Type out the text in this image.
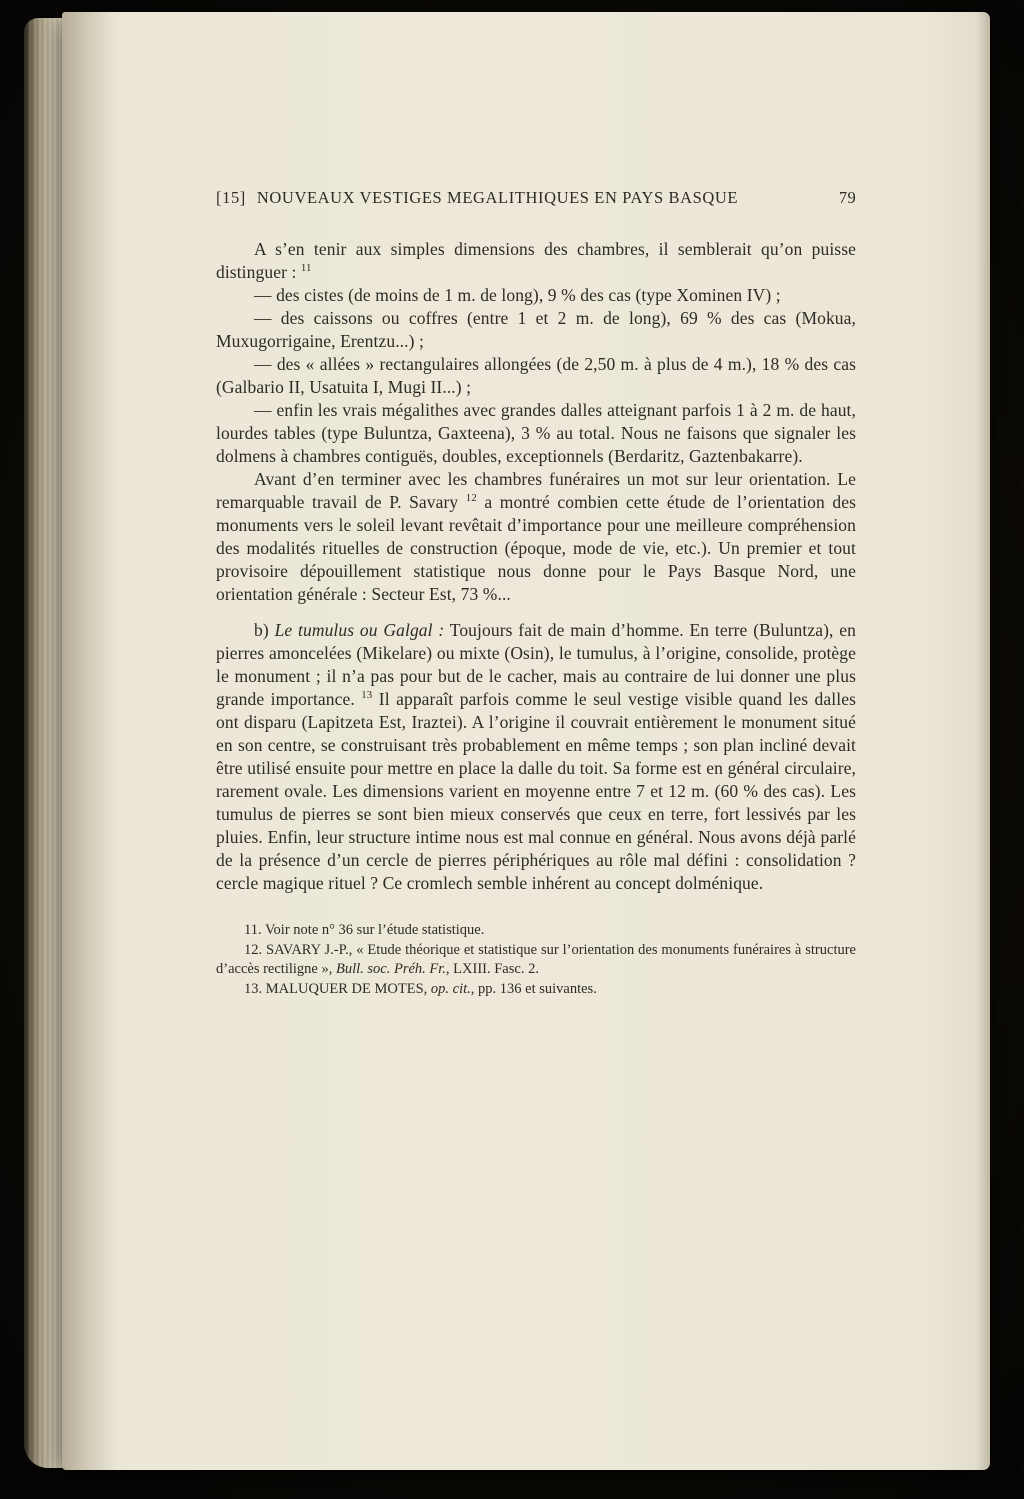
[15] NOUVEAUX VESTIGES MEGALITHIQUES EN PAYS BASQUE	79

A s’en tenir aux simples dimensions des chambres, il semblerait qu’on puisse distinguer : $^{11}$

— des cistes (de moins de 1 m. de long), 9 % des cas (type Xominen IV) ;

— des caissons ou coffres (entre 1 et 2 m. de long), 69 % des cas (Mokua, Muxugorrigaine, Erentzu...) ;

— des « allées » rectangulaires allongées (de 2,50 m. à plus de 4 m.), 18 % des cas (Galbario II, Usatuita I, Mugi II...) ;

— enfin les vrais mégalithes avec grandes dalles atteignant parfois 1 à 2 m. de haut, lourdes tables (type Buluntza, Gaxteena), 3 % au total. Nous ne faisons que signaler les dolmens à chambres contiguës, doubles, exceptionnels (Berdaritz, Gaztenbakarre).

Avant d’en terminer avec les chambres funéraires un mot sur leur orientation. Le remarquable travail de P. Savary $^{12}$ a montré combien cette étude de l’orientation des monuments vers le soleil levant revêtait d’importance pour une meilleure compréhension des modalités rituelles de construction (époque, mode de vie, etc.). Un premier et tout provisoire dépouillement statistique nous donne pour le Pays Basque Nord, une orientation générale : Secteur Est, 73 %...

b) Le tumulus ou Galgal : Toujours fait de main d’homme. En terre (Buluntza), en pierres amoncelées (Mikelare) ou mixte (Osin), le tumulus, à l’origine, consolide, protège le monument ; il n’a pas pour but de le cacher, mais au contraire de lui donner une plus grande importance. $^{13}$ Il apparaît parfois comme le seul vestige visible quand les dalles ont disparu (Lapitzeta Est, Iraztei). A l’origine il couvrait entièrement le monument situé en son centre, se construisant très probablement en même temps ; son plan incliné devait être utilisé ensuite pour mettre en place la dalle du toit. Sa forme est en général circulaire, rarement ovale. Les dimensions varient en moyenne entre 7 et 12 m. (60 % des cas). Les tumulus de pierres se sont bien mieux conservés que ceux en terre, fort lessivés par les pluies. Enfin, leur structure intime nous est mal connue en général. Nous avons déjà parlé de la présence d’un cercle de pierres périphériques au rôle mal défini : consolidation ? cercle magique rituel ? Ce cromlech semble inhérent au concept dolménique.

11. Voir note n° 36 sur l’étude statistique.

12. SAVARY J.-P., « Etude théorique et statistique sur l’orientation des monuments funéraires à structure d’accès rectiligne », Bull. soc. Préh. Fr., LXIII. Fasc. 2.

13. MALUQUER DE MOTES, op. cit., pp. 136 et suivantes.
